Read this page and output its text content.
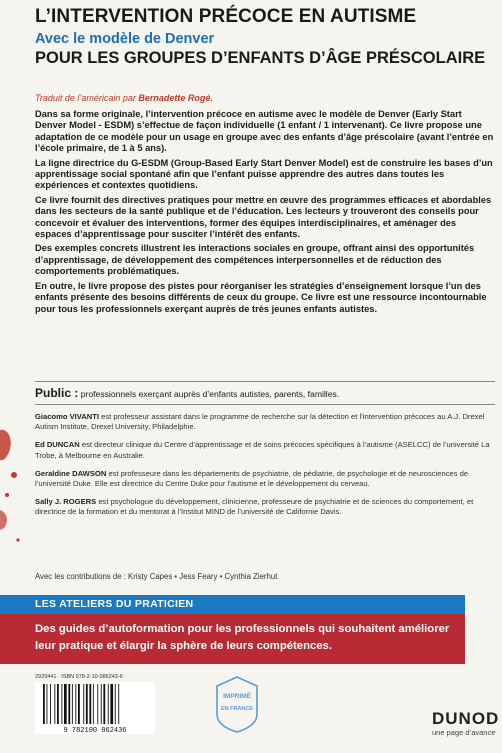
L’INTERVENTION PRÉCOCE EN AUTISME
Avec le modèle de Denver
POUR LES GROUPES D’ENFANTS D’ÂGE PRÉSCOLAIRE
Traduit de l’américain par Bernadette Rogé.

Dans sa forme originale, l’intervention précoce en autisme avec le modèle de Denver (Early Start Denver Model - ESDM) s’effectue de façon individuelle (1 enfant / 1 intervenant). Ce livre propose une adaptation de ce modèle pour un usage en groupe avec des enfants d’âge préscolaire (avant l’entrée en l’école primaire, de 1 à 5 ans).

La ligne directrice du G-ESDM (Group-Based Early Start Denver Model) est de construire les bases d’un apprentissage social spontané afin que l’enfant puisse apprendre des autres dans toutes les expériences et contextes quotidiens.

Ce livre fournit des directives pratiques pour mettre en œuvre des programmes efficaces et abordables dans les secteurs de la santé publique et de l’éducation. Les lecteurs y trouveront des conseils pour concevoir et évaluer des interventions, former des équipes interdisciplinaires, et aménager des espaces d’apprentissage pour susciter l’intérêt des enfants.

Des exemples concrets illustrent les interactions sociales en groupe, offrant ainsi des opportunités d’apprentissage, de développement des compétences interpersonnelles et de réduction des comportements problématiques.

En outre, le livre propose des pistes pour réorganiser les stratégies d’enseignement lorsque l’un des enfants présente des besoins différents de ceux du groupe. Ce livre est une ressource incontournable pour tous les professionnels exerçant auprès de très jeunes enfants autistes.

Public : professionnels exerçant auprès d’enfants autistes, parents, familles.

Giacomo VIVANTI est professeur assistant dans le programme de recherche sur la détection et l’intervention précoces au A.J. Drexel Autism Institute, Drexel University, Philadelphie.

Ed DUNCAN est directeur clinique du Centre d’apprentissage et de soins précoces spécifiques à l’autisme (ASELCC) de l’université La Trobe, à Melbourne en Australie.

Geraldine DAWSON est professeure dans les départements de psychiatrie, de pédiatrie, de psychologie et de neurosciences de l’université Duke. Elle est directrice du Centre Duke pour l’autisme et le développement du cerveau.

Sally J. ROGERS est psychologue du développement, clinicienne, professeure de psychiatrie et de sciences du comportement, et directrice de la formation et du mentorat à l’Institut MIND de l’université de Californie Davis.

Avec les contributions de : Kristy Capes • Jess Feary • Cynthia Zierhut
LES ATELIERS DU PRATICIEN
Des guides d’autoformation pour les professionnels qui souhaitent améliorer leur pratique et élargir la sphère de leurs compétences.
2929441 · ISBN 978-2-10-086243-6
9 782100 862436
IMPRIMÉ
EN FRANCE	DUNOD
une page d’avance
